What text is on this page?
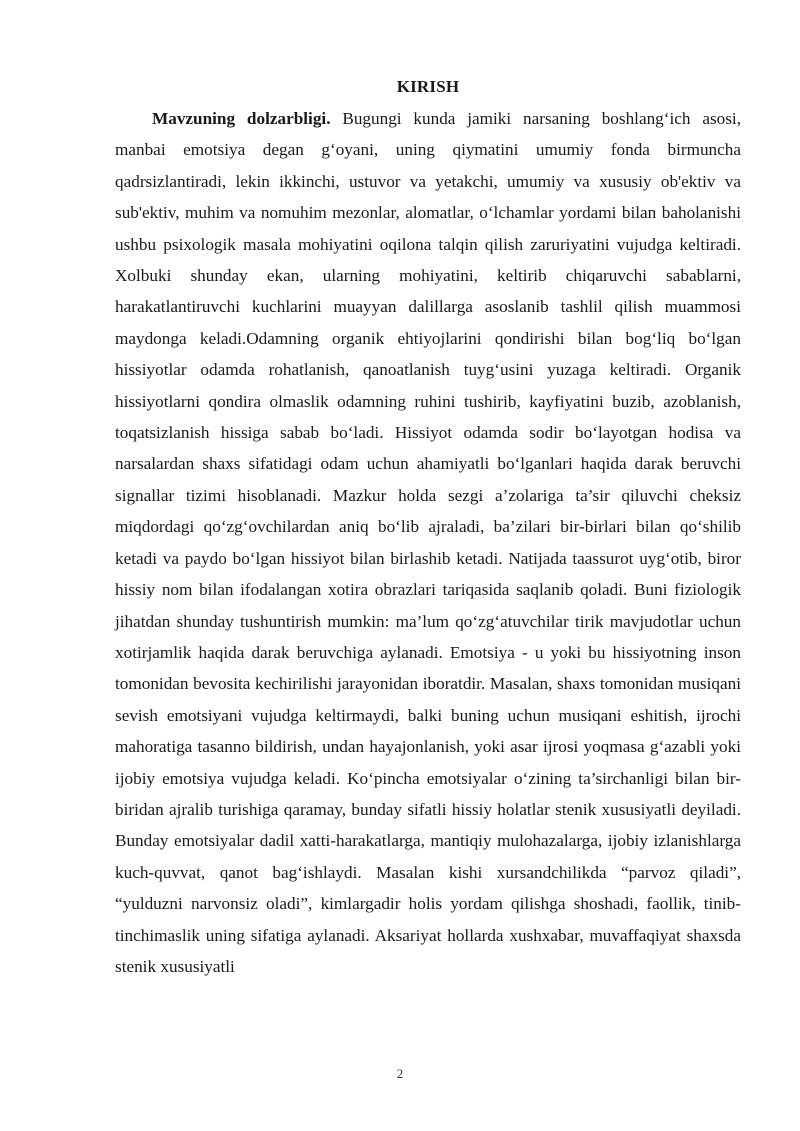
KIRISH

Mavzuning dolzarbligi. Bugungi kunda jamiki narsaning boshlang‘ich asosi, manbai emotsiya degan g‘oyani, uning qiymatini umumiy fonda birmuncha qadrsizlantiradi, lekin ikkinchi, ustuvor va yetakchi, umumiy va xususiy ob'ektiv va sub'ektiv, muhim va nomuhim mezonlar, alomatlar, o‘lchamlar yordami bilan baholanishi ushbu psixologik masala mohiyatini oqilona talqin qilish zaruriyatini vujudga keltiradi. Xolbuki shunday ekan, ularning mohiyatini, keltirib chiqaruvchi sabablarni, harakatlantiruvchi kuchlarini muayyan dalillarga asoslanib tashlil qilish muammosi maydonga keladi.Odamning organik ehtiyojlarini qondirishi bilan bog‘liq bo‘lgan hissiyotlar odamda rohatlanish, qanoatlanish tuyg‘usini yuzaga keltiradi. Organik hissiyotlarni qondira olmaslik odamning ruhini tushirib, kayfiyatini buzib, azoblanish, toqatsizlanish hissiga sabab bo‘ladi. Hissiyot odamda sodir bo‘layotgan hodisa va narsalardan shaxs sifatidagi odam uchun ahamiyatli bo‘lganlari haqida darak beruvchi signallar tizimi hisoblanadi. Mazkur holda sezgi a’zolariga ta’sir qiluvchi cheksiz miqdordagi qo‘zg‘ovchilardan aniq bo‘lib ajraladi, ba’zilari bir-birlari bilan qo‘shilib ketadi va paydo bo‘lgan hissiyot bilan birlashib ketadi. Natijada taassurot uyg‘otib, biror hissiy nom bilan ifodalangan xotira obrazlari tariqasida saqlanib qoladi. Buni fiziologik jihatdan shunday tushuntirish mumkin: ma’lum qo‘zg‘atuvchilar tirik mavjudotlar uchun xotirjamlik haqida darak beruvchiga aylanadi. Emotsiya - u yoki bu hissiyotning inson tomonidan bevosita kechirilishi jarayonidan iboratdir. Masalan, shaxs tomonidan musiqani sevish emotsiyani vujudga keltirmaydi, balki buning uchun musiqani eshitish, ijrochi mahoratiga tasanno bildirish, undan hayajonlanish, yoki asar ijrosi yoqmasa g‘azabli yoki ijobiy emotsiya vujudga keladi. Ko‘pincha emotsiyalar o‘zining ta’sirchanligi bilan bir-biridan ajralib turishiga qaramay, bunday sifatli hissiy holatlar stenik xususiyatli deyiladi. Bunday emotsiyalar dadil xatti-harakatlarga, mantiqiy mulohazalarga, ijobiy izlanishlarga kuch-quvvat, qanot bag‘ishlaydi. Masalan kishi xursandchilikda “parvoz qiladi”, “yulduzni narvonsiz oladi”, kimlargadir holis yordam qilishga shoshadi, faollik, tinib-tinchimaslik uning sifatiga aylanadi. Aksariyat hollarda xushxabar, muvaffaqiyat shaxsda stenik xususiyatli

2
